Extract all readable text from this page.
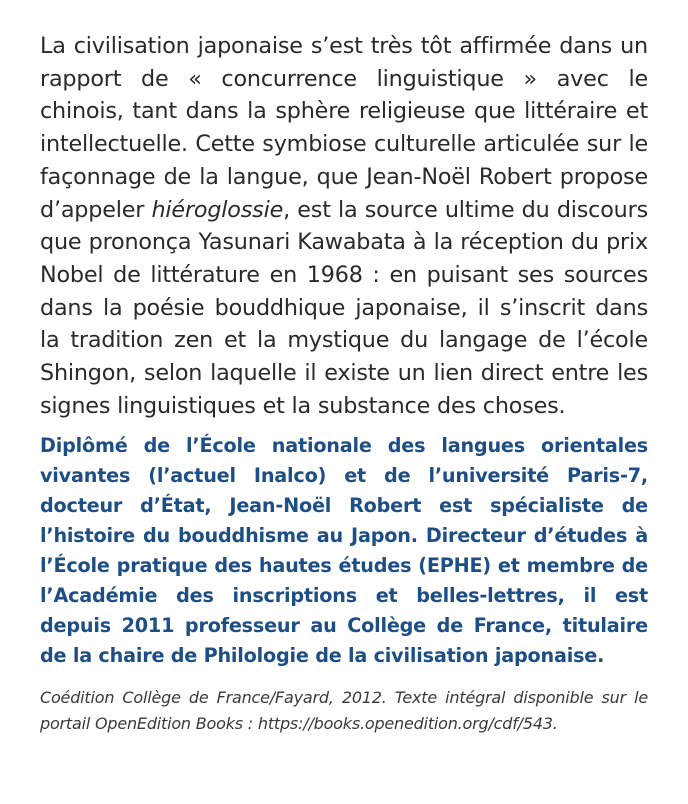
La civilisation japonaise s’est très tôt affirmée dans un rapport de « concurrence linguistique » avec le chinois, tant dans la sphère religieuse que littéraire et intellectuelle. Cette symbiose culturelle articulée sur le façonnage de la langue, que Jean-Noël Robert propose d’appeler hiéroglossie, est la source ultime du discours que prononça Yasunari Kawabata à la réception du prix Nobel de littérature en 1968 : en puisant ses sources dans la poésie bouddhique japonaise, il s’inscrit dans la tradition zen et la mystique du langage de l’école Shingon, selon laquelle il existe un lien direct entre les signes linguistiques et la substance des choses.

Diplômé de l’École nationale des langues orientales vivantes (l’actuel Inalco) et de l’université Paris-7, docteur d’État, Jean-Noël Robert est spécialiste de l’histoire du bouddhisme au Japon. Directeur d’études à l’École pratique des hautes études (EPHE) et membre de l’Académie des inscriptions et belles-lettres, il est depuis 2011 professeur au Collège de France, titulaire de la chaire de Philologie de la civilisation japonaise.

Coédition Collège de France/Fayard, 2012. Texte intégral disponible sur le portail OpenEdition Books : https://books.openedition.org/cdf/543.
